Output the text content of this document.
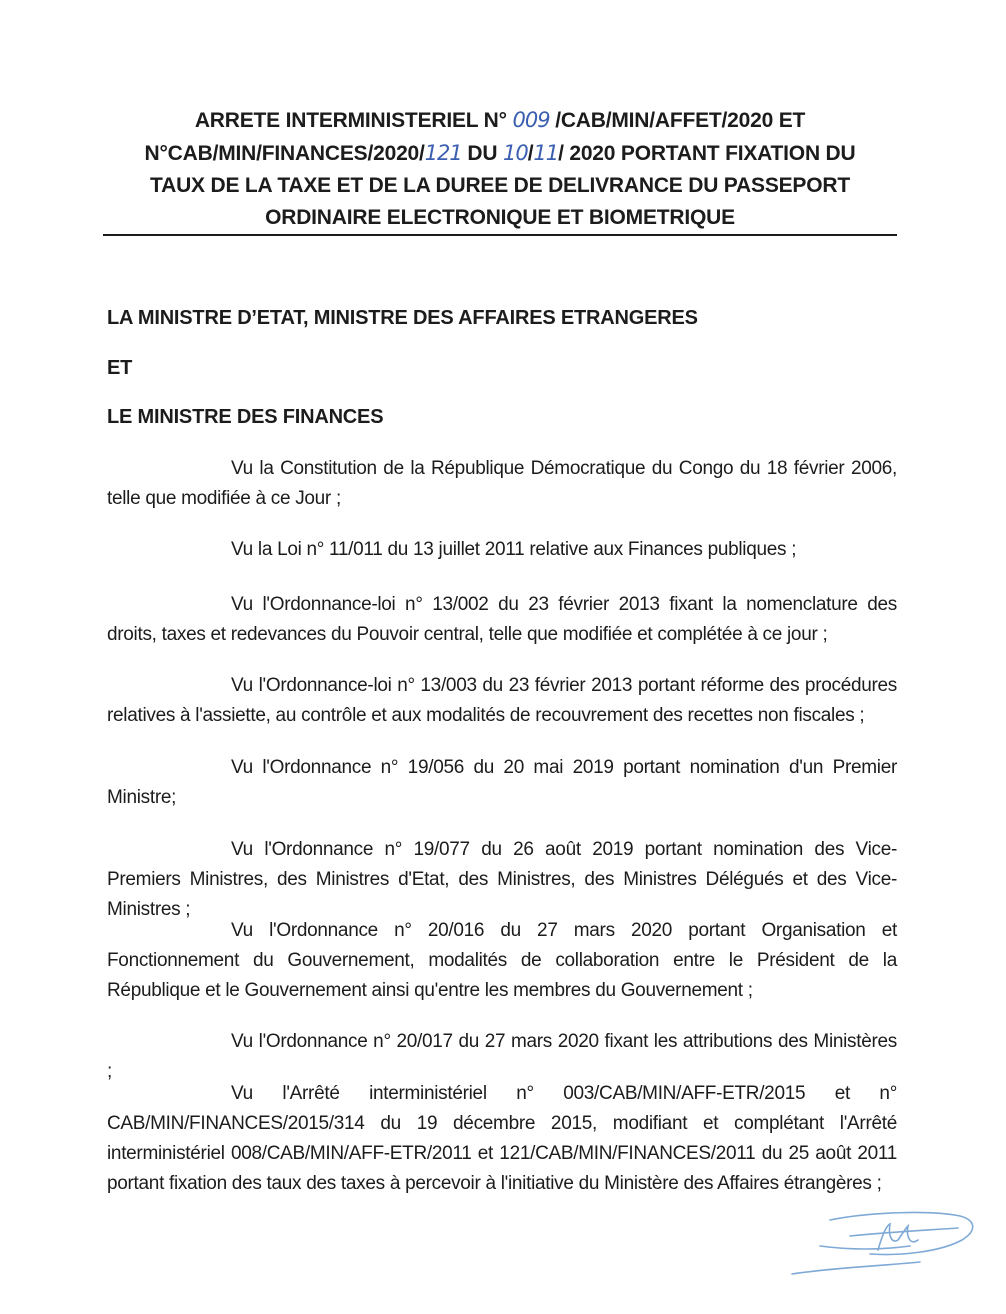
ARRETE INTERMINISTERIEL N° 009 /CAB/MIN/AFFET/2020 ET
N°CAB/MIN/FINANCES/2020/121 DU 10/11/ 2020 PORTANT FIXATION DU
TAUX DE LA TAXE ET DE LA DUREE DE DELIVRANCE DU PASSEPORT
ORDINAIRE ELECTRONIQUE ET BIOMETRIQUE
LA MINISTRE D’ETAT, MINISTRE DES AFFAIRES ETRANGERES
ET
LE MINISTRE DES FINANCES
Vu la Constitution de la République Démocratique du Congo du 18 février 2006, telle que modifiée à ce Jour ;
Vu la Loi n° 11/011 du 13 juillet 2011 relative aux Finances publiques ;
Vu l'Ordonnance-loi n° 13/002 du 23 février 2013 fixant la nomenclature des droits, taxes et redevances du Pouvoir central, telle que modifiée et complétée à ce jour ;
Vu l'Ordonnance-loi n° 13/003 du 23 février 2013 portant réforme des procédures relatives à l'assiette, au contrôle et aux modalités de recouvrement des recettes non fiscales ;
Vu l'Ordonnance n° 19/056 du 20 mai 2019 portant nomination d'un Premier Ministre;
Vu l'Ordonnance n° 19/077 du 26 août 2019 portant nomination des Vice-Premiers Ministres, des Ministres d'Etat, des Ministres, des Ministres Délégués et des Vice-Ministres ;
Vu l'Ordonnance n° 20/016 du 27 mars 2020 portant Organisation et Fonctionnement du Gouvernement, modalités de collaboration entre le Président de la République et le Gouvernement ainsi qu'entre les membres du Gouvernement ;
Vu l'Ordonnance n° 20/017 du 27 mars 2020 fixant les attributions des Ministères ;
Vu l'Arrêté interministériel n° 003/CAB/MIN/AFF-ETR/2015 et n° CAB/MIN/FINANCES/2015/314 du 19 décembre 2015, modifiant et complétant l'Arrêté interministériel 008/CAB/MIN/AFF-ETR/2011 et 121/CAB/MIN/FINANCES/2011 du 25 août 2011 portant fixation des taux des taxes à percevoir à l'initiative du Ministère des Affaires étrangères ;
